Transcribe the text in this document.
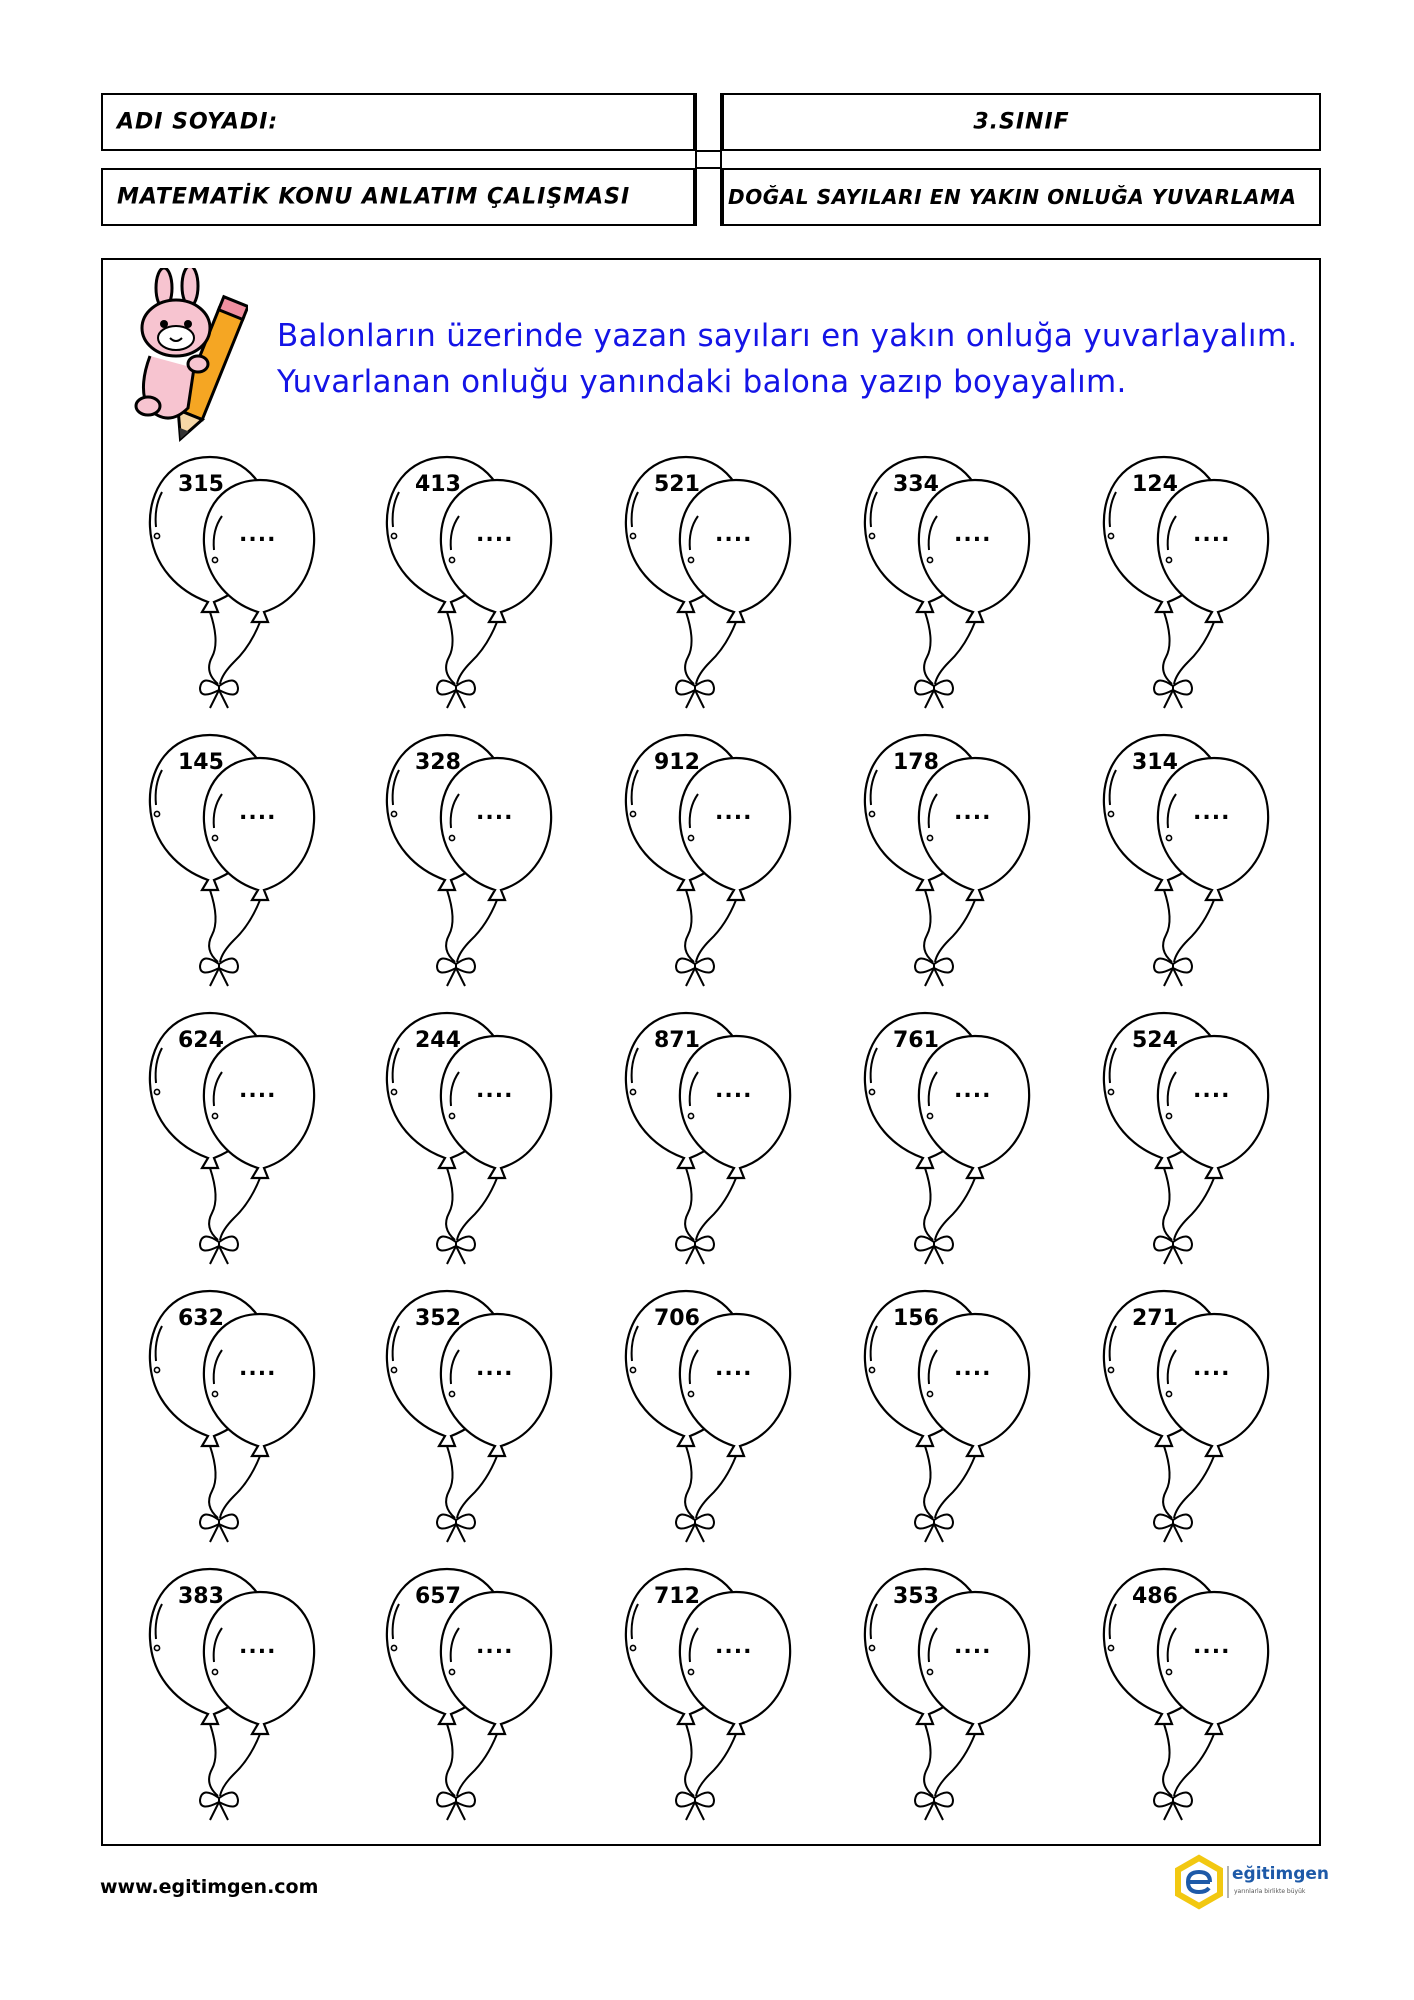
ADI SOYADI:	3.SINIF
MATEMATİK KONU ANLATIM ÇALIŞMASI	DOĞAL SAYILARI EN YAKIN ONLUĞA YUVARLAMA
Balonların üzerinde yazan sayıları en yakın onluğa yuvarlayalım.
Yuvarlanan onluğu yanındaki balona yazıp boyayalım.
315
....
413
....
521
....
334
....
124
....
145
....
328
....
912
....
178
....
314
....
624
....
244
....
871
....
761
....
524
....
632
....
352
....
706
....
156
....
271
....
383
....
657
....
712
....
353
....
486
....
www.egitimgen.com
eğitimgen
yarınlarla birlikte büyük
